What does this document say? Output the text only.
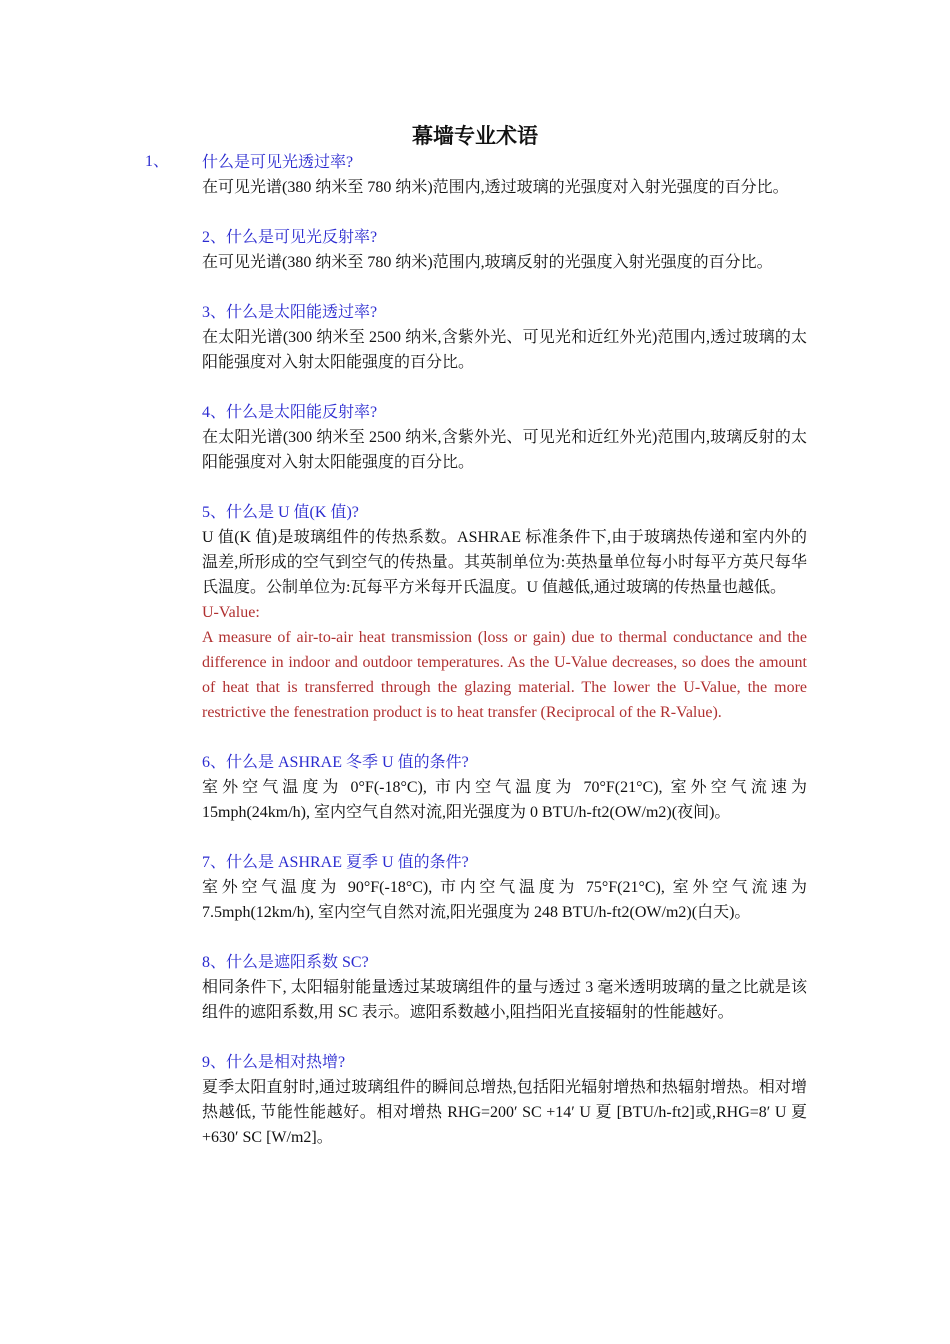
幕墙专业术语
1、 什么是可见光透过率?

在可见光谱(380 纳米至 780 纳米)范围内,透过玻璃的光强度对入射光强度的百分比。

2、什么是可见光反射率?

在可见光谱(380 纳米至 780 纳米)范围内,玻璃反射的光强度入射光强度的百分比。

3、什么是太阳能透过率?

在太阳光谱(300 纳米至 2500 纳米,含紫外光、可见光和近红外光)范围内,透过玻璃的太阳能强度对入射太阳能强度的百分比。

4、什么是太阳能反射率?

在太阳光谱(300 纳米至 2500 纳米,含紫外光、可见光和近红外光)范围内,玻璃反射的太阳能强度对入射太阳能强度的百分比。

5、什么是 U 值(K 值)?

U 值(K 值)是玻璃组件的传热系数。ASHRAE 标准条件下,由于玻璃热传递和室内外的温差,所形成的空气到空气的传热量。其英制单位为:英热量单位每小时每平方英尺每华氏温度。公制单位为:瓦每平方米每开氏温度。U 值越低,通过玻璃的传热量也越低。

U-Value:

A measure of air-to-air heat transmission (loss or gain) due to thermal conductance and the difference in indoor and outdoor temperatures. As the U-Value decreases, so does the amount of heat that is transferred through the glazing material. The lower the U-Value, the more restrictive the fenestration product is to heat transfer (Reciprocal of the R-Value).

6、什么是 ASHRAE 冬季 U 值的条件?

室外空气温度为 0°F(-18°C), 市内空气温度为 70°F(21°C), 室外空气流速为 15mph(24km/h), 室内空气自然对流,阳光强度为 0 BTU/h-ft2(OW/m2)(夜间)。

7、什么是 ASHRAE 夏季 U 值的条件?

室外空气温度为 90°F(-18°C), 市内空气温度为 75°F(21°C), 室外空气流速为 7.5mph(12km/h), 室内空气自然对流,阳光强度为 248 BTU/h-ft2(OW/m2)(白天)。

8、什么是遮阳系数 SC?

相同条件下, 太阳辐射能量透过某玻璃组件的量与透过 3 毫米透明玻璃的量之比就是该组件的遮阳系数,用 SC 表示。遮阳系数越小,阻挡阳光直接辐射的性能越好。

9、什么是相对热增?

夏季太阳直射时,通过玻璃组件的瞬间总增热,包括阳光辐射增热和热辐射增热。相对增热越低, 节能性能越好。相对增热 RHG=200′ SC +14′ U 夏 [BTU/h-ft2]或,RHG=8′ U 夏+630′ SC [W/m2]。
